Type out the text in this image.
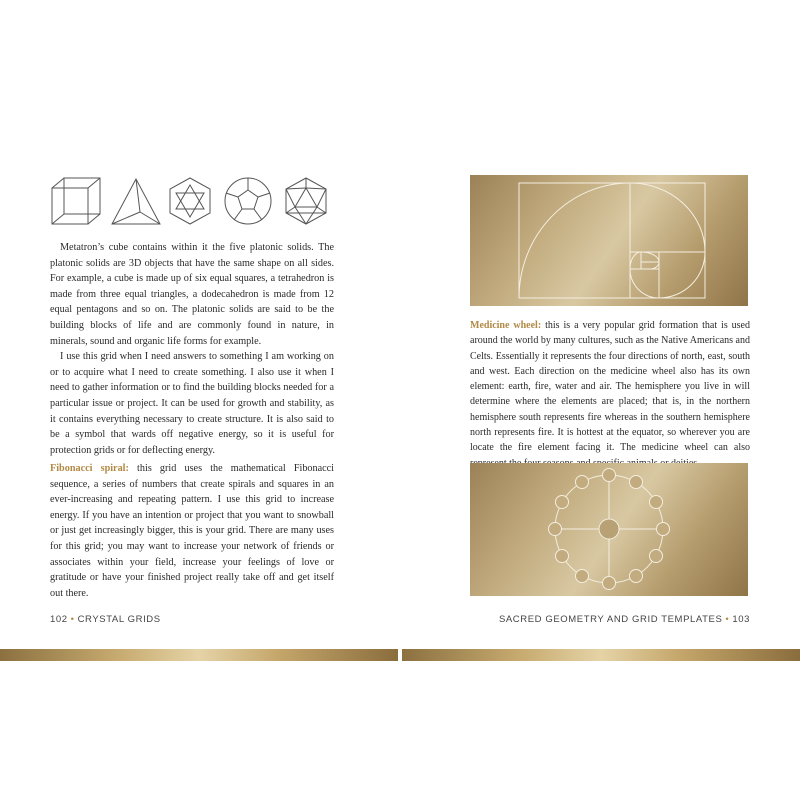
Metatron’s cube contains within it the five platonic solids. The platonic solids are 3D objects that have the same shape on all sides. For example, a cube is made up of six equal squares, a tetrahedron is made from three equal triangles, a dodecahedron is made from 12 equal pentagons and so on. The platonic solids are said to be the building blocks of life and are commonly found in nature, in minerals, sound and organic life forms for example.

I use this grid when I need answers to something I am working on or to acquire what I need to create something. I also use it when I need to gather information or to find the building blocks needed for a particular issue or project. It can be used for growth and stability, as it contains everything necessary to create structure. It is also said to be a symbol that wards off negative energy, so it is useful for protection grids or for deflecting energy.

Fibonacci spiral: this grid uses the mathematical Fibonacci sequence, a series of numbers that create spirals and squares in an ever-increasing and repeating pattern. I use this grid to increase energy. If you have an intention or project that you want to snowball or just get increasingly bigger, this is your grid. There are many uses for this grid; you may want to increase your network of friends or associates within your field, increase your feelings of love or gratitude or have your finished project really take off and get itself out there.

102 • CRYSTAL GRIDS
Medicine wheel: this is a very popular grid formation that is used around the world by many cultures, such as the Native Americans and Celts. Essentially it represents the four directions of north, east, south and west. Each direction on the medicine wheel also has its own element: earth, fire, water and air. The hemisphere you live in will determine where the elements are placed; that is, in the northern hemisphere south represents fire whereas in the southern hemisphere north represents fire. It is hottest at the equator, so wherever you are locate the fire element facing it. The medicine wheel can also
SACRED GEOMETRY AND GRID TEMPLATES • 103
